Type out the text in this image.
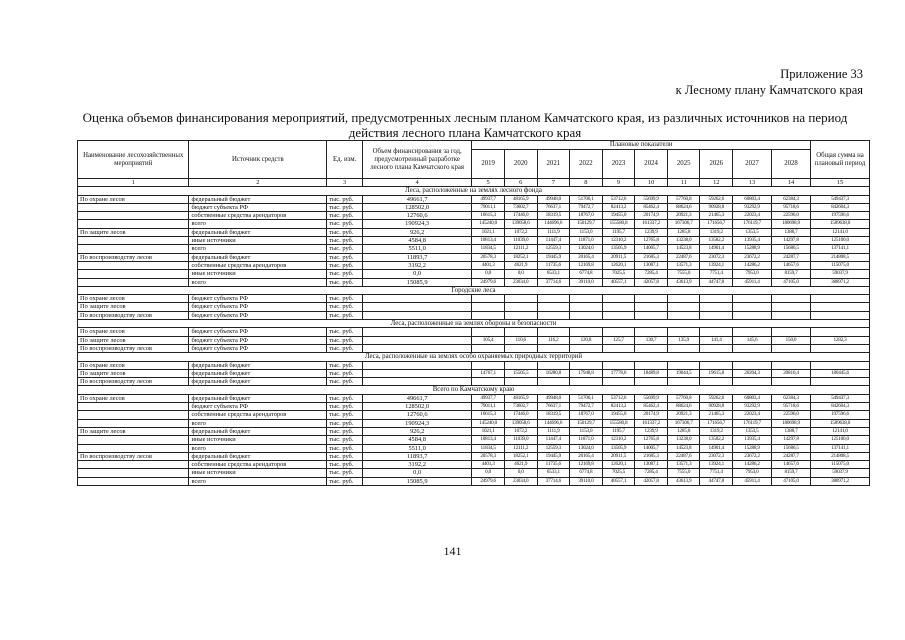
Приложение 33
к Лесному плану Камчатского края
Оценка объемов финансирования мероприятий, предусмотренных лесным планом Камчатского края, из различных источников на период
действия лесного плана Камчатского края
Наименование лесохозяйственных мероприятий	Источник средств	Ед. изм.	Объем финансирования за год, предусмотренный разработке лесного плана Камчатского края	Плановые показатели										Общая сумма на плановый период
				2019	2020	2021	2022	2023	2024	2025	2026	2027	2028	
1	2	3	4	5	6	7	8	9	10	11	12	13	14	15
Леса, расположенные на землях лесного фонда														
По охране лесов	федеральный бюджет	тыс. руб.	49661,7	49937,7	48165,9	49948,0	51706,1	53712,6	55699,9	57760,8	59262,6	60803,4	62384,3	549437,3
	бюджет субъекта РФ	тыс. руб.	128502,0	79011,1	73602,7	76637,1	79472,7	82413,2	85462,4	88624,6	90928,8	93292,9	95718,6	842604,3
	собственные средства арендаторов	тыс. руб.	12760,6	16615,3	17446,0	18319,5	18767,0	19455,0	20174,9	20921,3	21465,3	22023,4	22596,0	197596,6
	всего	тыс. руб.	190924,3	145240,0	139058,6	144696,6	150129,7	155580,8	161337,2	167306,7	171656,7	176119,7	180698,9	1589638,0
По защите лесов	федеральный бюджет	тыс. руб.	926,2	1021,1	1072,2	1111,9	1153,0	1195,7	1239,9	1285,8	1319,2	1353,5	1388,7	12141,0
	иные источники	тыс. руб.	4584,8	10813,4	11039,0	11447,4	11871,0	12310,2	12765,8	13238,0	13582,2	13935,4	14297,8	125100,0
	всего	тыс. руб.	5511,0	11834,5	12111,2	12559,3	13024,0	13505,9	14005,7	14523,8	14901,4	15288,9	15686,5	137141,1
По воспроизводству лесов	федеральный бюджет	тыс. руб.	11893,7	20578,3	18252,1	19445,9	20165,4	20911,5	21685,3	22487,6	23072,3	23672,2	24287,7	214808,5
	собственные средства арендаторов	тыс. руб.	3192,2	4401,3	4621,9	11735,6	12169,8	12620,1	13087,1	13571,3	13924,1	14286,2	14657,6	115075,0
	иные источники	тыс. руб.	0,0	0,0	0,0	6533,1	6774,8	7025,5	7285,4	7555,0	7751,4	7953,0	8159,7	59037,9
	всего	тыс. руб.	15085,9	24979,6	23034,0	37714,6	39110,0	40557,1	42057,8	43613,9	44747,8	45911,4	47105,0	388971,2
Городские леса														
По охране лесов	бюджет субъекта РФ	тыс. руб.												
По защите лесов	бюджет субъекта РФ	тыс. руб.												
По воспроизводству лесов	бюджет субъекта РФ	тыс. руб.												
Леса, расположенные на землях обороны и безопасности														
По охране лесов	бюджет субъекта РФ	тыс. руб.												
По защите лесов	бюджет субъекта РФ	тыс. руб.		105,4	110,6	116,2	120,8	125,7	130,7	135,9	141,4	145,6	150,0	1282,3
По воспроизводству лесов	бюджет субъекта РФ	тыс. руб.												
Леса, расположенные на землях особо охраняемых природных территорий														
По охране лесов	федеральный бюджет	тыс. руб.												
По защите лесов	федеральный бюджет	тыс. руб.		14767,1	15505,5	16280,8	17948,8	17778,6	18489,8	19044,5	19615,8	20204,3	20810,4	180445,6
По воспроизводству лесов	федеральный бюджет	тыс. руб.												
Всего по Камчатскому краю														
По охране лесов	федеральный бюджет	тыс. руб.	49661,7	49937,7	48165,9	49948,0	51706,1	53712,6	55699,9	57760,8	59262,6	60803,4	62384,3	549437,3
	бюджет субъекта РФ	тыс. руб.	128502,0	79011,1	73602,7	76637,1	79472,7	82413,2	85462,4	88624,6	90928,8	93292,9	95718,6	842604,3
	собственные средства арендаторов	тыс. руб.	12760,6	16615,3	17446,0	18319,5	18767,0	19455,0	20174,9	20921,3	21465,3	22023,4	22596,0	197596,6
	всего	тыс. руб.	190924,3	145240,0	139058,6	144696,6	150129,7	155580,8	161337,2	167306,7	171656,7	176119,7	180698,9	1589638,0
По защите лесов	федеральный бюджет	тыс. руб.	926,2	1021,1	1072,2	1111,9	1153,0	1195,7	1239,9	1285,8	1319,2	1353,5	1388,7	12141,0
	иные источники	тыс. руб.	4584,8	10813,4	11039,0	11447,4	11871,0	12310,2	12765,8	13238,0	13582,2	13935,4	14297,8	125100,0
	всего	тыс. руб.	5511,0	11834,5	12111,2	12559,3	13024,0	13505,9	14005,7	14523,8	14901,4	15288,9	15686,5	137141,1
По воспроизводству лесов	федеральный бюджет	тыс. руб.	11893,7	20578,3	18252,1	19445,9	20165,4	20911,5	21685,3	22487,6	23072,3	23672,2	24287,7	214808,5
	собственные средства арендаторов	тыс. руб.	3192,2	4401,3	4621,9	11735,6	12169,8	12620,1	13087,1	13571,3	13924,1	14286,2	14657,6	115075,0
	иные источники	тыс. руб.	0,0	0,0	0,0	6533,1	6774,8	7025,5	7285,4	7555,0	7751,4	7953,0	8159,7	59037,9
	всего	тыс. руб.	15085,9	24979,6	23034,0	37714,6	39110,0	40557,1	42057,8	43613,9	44747,8	45911,4	47105,0	388971,2
141
